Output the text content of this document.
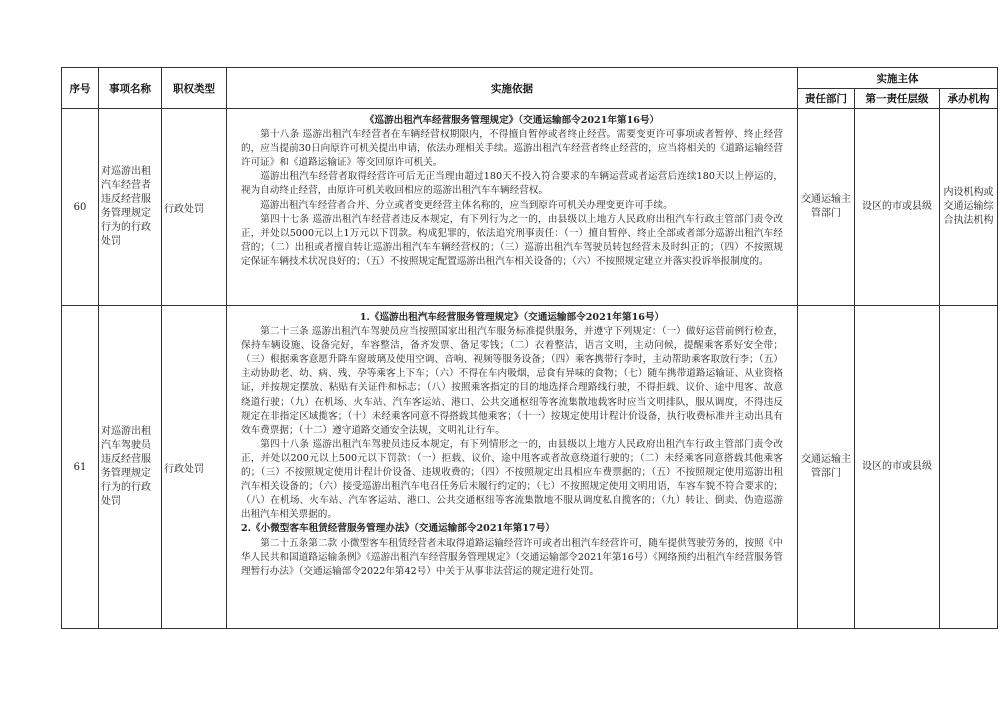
序号	事项名称	职权类型	实施依据	实施主体		
				责任部门	第一责任层级	承办机构
60	对巡游出租汽车经营者违反经营服务管理规定行为的行政处罚	行政处罚	《巡游出租汽车经营服务管理规定》（交通运输部令2021年第16号）

第十八条 巡游出租汽车经营者在车辆经营权期限内，不得擅自暂停或者终止经营。需要变更许可事项或者暂停、终止经营的，应当提前30日向原许可机关提出申请，依法办理相关手续。巡游出租汽车经营者终止经营的，应当将相关的《道路运输经营许可证》和《道路运输证》等交回原许可机关。

巡游出租汽车经营者取得经营许可后无正当理由超过180天不投入符合要求的车辆运营或者运营后连续180天以上停运的，视为自动终止经营，由原许可机关收回相应的巡游出租汽车车辆经营权。

巡游出租汽车经营者合并、分立或者变更经营主体名称的，应当到原许可机关办理变更许可手续。

第四十七条 巡游出租汽车经营者违反本规定，有下列行为之一的，由县级以上地方人民政府出租汽车行政主管部门责令改正，并处以5000元以上1万元以下罚款。构成犯罪的，依法追究刑事责任：（一）擅自暂停、终止全部或者部分巡游出租汽车经营的；（二）出租或者擅自转让巡游出租汽车车辆经营权的；（三）巡游出租汽车驾驶员转包经营未及时纠正的；（四）不按照规定保证车辆技术状况良好的；（五）不按照规定配置巡游出租汽车相关设备的；（六）不按照规定建立并落实投诉举报制度的。	交通运输主管部门	设区的市或县级	内设机构或交通运输综合执法机构
61	对巡游出租汽车驾驶员违反经营服务管理规定行为的行政处罚	行政处罚	1.《巡游出租汽车经营服务管理规定》（交通运输部令2021年第16号）

第二十三条 巡游出租汽车驾驶员应当按照国家出租汽车服务标准提供服务，并遵守下列规定：（一）做好运营前例行检查，保持车辆设施、设备完好，车容整洁，备齐发票、备足零钱；（二）衣着整洁，语言文明，主动问候，提醒乘客系好安全带；（三）根据乘客意愿升降车窗玻璃及使用空调、音响、视频等服务设备；（四）乘客携带行李时，主动帮助乘客取放行李；（五）主动协助老、幼、病、残、孕等乘客上下车；（六）不得在车内吸烟，忌食有异味的食物；（七）随车携带道路运输证、从业资格证，并按规定摆放、粘贴有关证件和标志；（八）按照乘客指定的目的地选择合理路线行驶，不得拒载、议价、途中甩客、故意绕道行驶；（九）在机场、火车站、汽车客运站、港口、公共交通枢纽等客流集散地载客时应当文明排队，服从调度，不得违反规定在非指定区域揽客；（十）未经乘客同意不得搭载其他乘客；（十一）按规定使用计程计价设备，执行收费标准并主动出具有效车费票据；（十二）遵守道路交通安全法规，文明礼让行车。

第四十八条 巡游出租汽车驾驶员违反本规定，有下列情形之一的，由县级以上地方人民政府出租汽车行政主管部门责令改正，并处以200元以上500元以下罚款：（一）拒载、议价、途中甩客或者故意绕道行驶的；（二）未经乘客同意搭载其他乘客的；（三）不按照规定使用计程计价设备、违规收费的；（四）不按照规定出具相应车费票据的；（五）不按照规定使用巡游出租汽车相关设备的；（六）接受巡游出租汽车电召任务后未履行约定的；（七）不按照规定使用文明用语，车容车貌不符合要求的；（八）在机场、火车站、汽车客运站、港口、公共交通枢纽等客流集散地不服从调度私自揽客的；（九）转让、倒卖、伪造巡游出租汽车相关票据的。

2.《小微型客车租赁经营服务管理办法》（交通运输部令2021年第17号）

第二十五条第二款 小微型客车租赁经营者未取得道路运输经营许可或者出租汽车经营许可，随车提供驾驶劳务的，按照《中华人民共和国道路运输条例》《巡游出租汽车经营服务管理规定》（交通运输部令2021年第16号）《网络预约出租汽车经营服务管理暂行办法》（交通运输部令2022年第42号）中关于从事非法营运的规定进行处罚。	交通运输主管部门	设区的市或县级	
